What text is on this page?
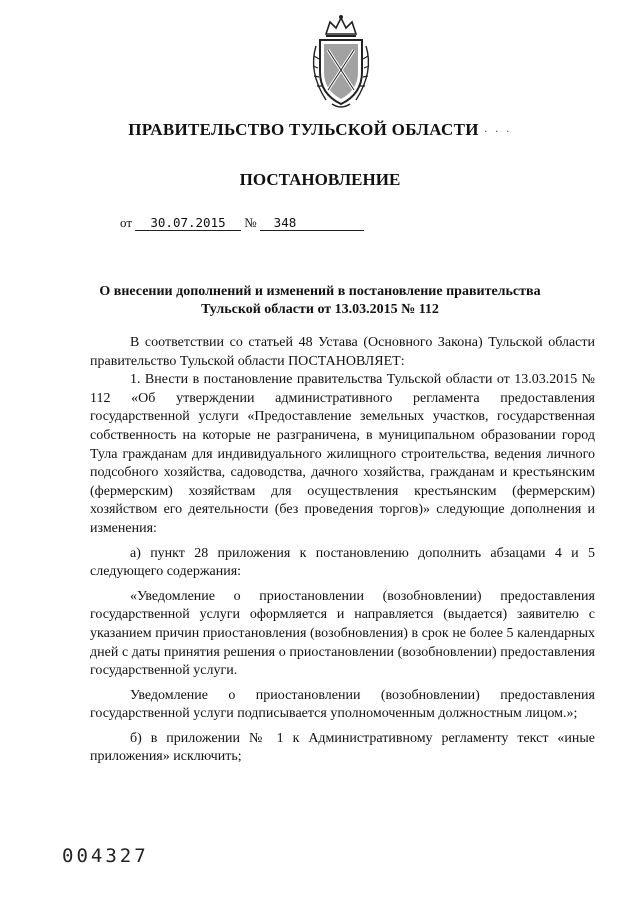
ПРАВИТЕЛЬСТВО ТУЛЬСКОЙ ОБЛАСТИ · · ·
ПОСТАНОВЛЕНИЕ
от 30.07.2015 № 348
О внесении дополнений и изменений в постановление правительства
Тульской области от 13.03.2015 № 112

В соответствии со статьей 48 Устава (Основного Закона) Тульской области правительство Тульской области ПОСТАНОВЛЯЕТ:

1. Внести в постановление правительства Тульской области от 13.03.2015 № 112 «Об утверждении административного регламента предоставления государственной услуги «Предоставление земельных участков, государственная собственность на которые не разграничена, в муниципальном образовании город Тула гражданам для индивидуального жилищного строительства, ведения личного подсобного хозяйства, садоводства, дачного хозяйства, гражданам и крестьянским (фермерским) хозяйствам для осуществления крестьянским (фермерским) хозяйством его деятельности (без проведения торгов)» следующие дополнения и изменения:

а) пункт 28 приложения к постановлению дополнить абзацами 4 и 5 следующего содержания:

«Уведомление о приостановлении (возобновлении) предоставления государственной услуги оформляется и направляется (выдается) заявителю с указанием причин приостановления (возобновления) в срок не более 5 календарных дней с даты принятия решения о приостановлении (возобновлении) предоставления государственной услуги.

Уведомление о приостановлении (возобновлении) предоставления государственной услуги подписывается уполномоченным должностным лицом.»;

б) в приложении № 1 к Административному регламенту текст «иные приложения» исключить;

004327
